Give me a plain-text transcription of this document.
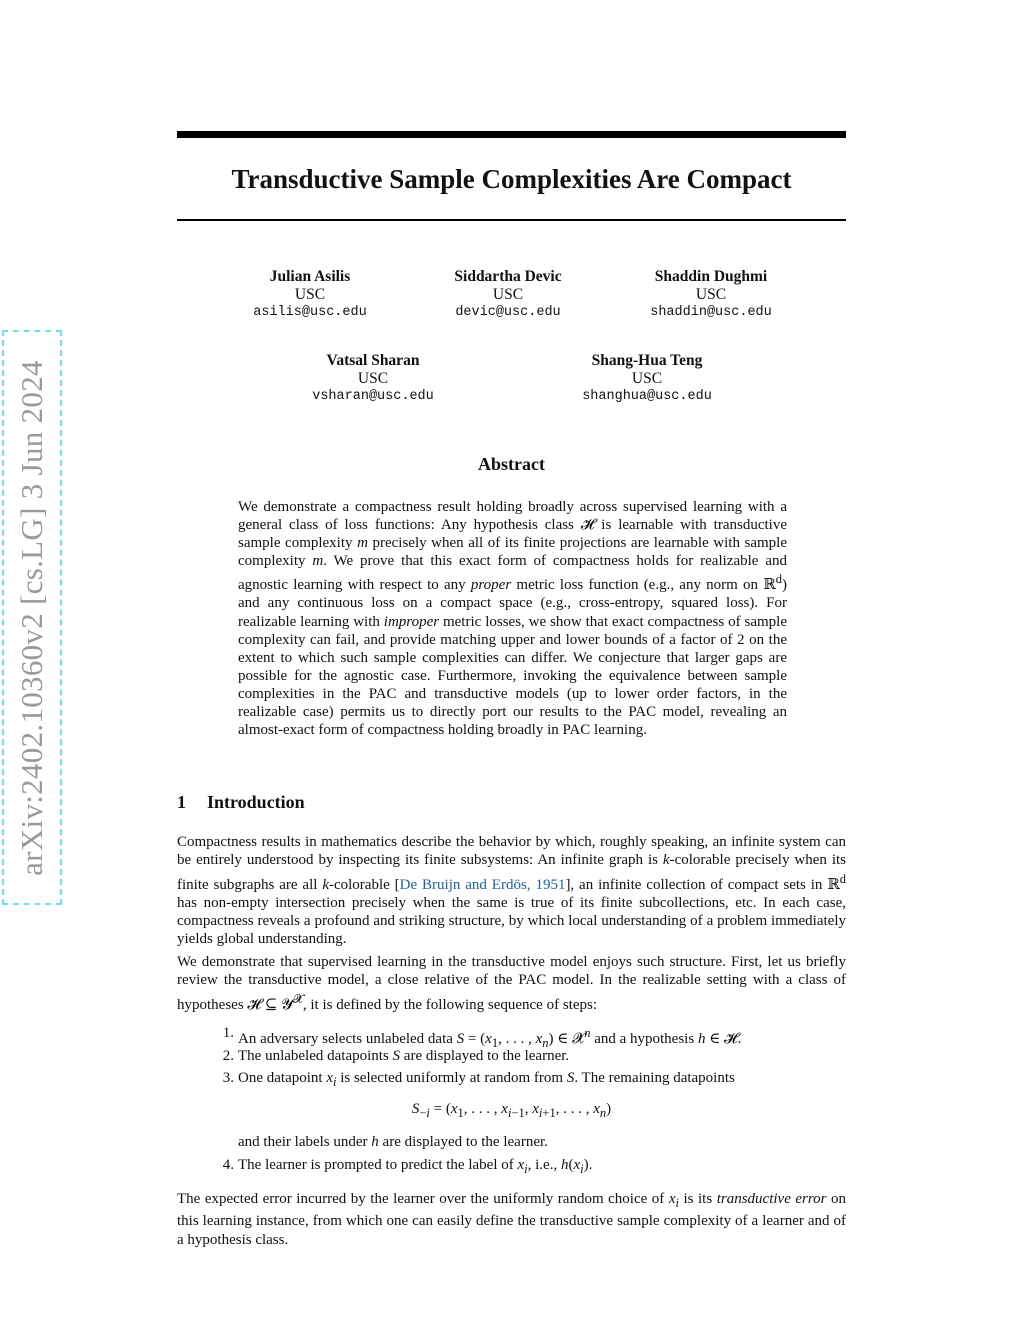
arXiv:2402.10360v2 [cs.LG] 3 Jun 2024
Transductive Sample Complexities Are Compact
Julian Asilis
USC
asilis@usc.edu
Siddartha Devic
USC
devic@usc.edu
Shaddin Dughmi
USC
shaddin@usc.edu
Vatsal Sharan
USC
vsharan@usc.edu
Shang-Hua Teng
USC
shanghua@usc.edu
Abstract

We demonstrate a compactness result holding broadly across supervised learning with a general class of loss functions: Any hypothesis class 𝓗 is learnable with transductive sample complexity m precisely when all of its finite projections are learnable with sample complexity m. We prove that this exact form of compactness holds for realizable and agnostic learning with respect to any proper metric loss function (e.g., any norm on ℝ$^d$) and any continuous loss on a compact space (e.g., cross-entropy, squared loss). For realizable learning with improper metric losses, we show that exact compactness of sample complexity can fail, and provide matching upper and lower bounds of a factor of 2 on the extent to which such sample complexities can differ. We conjecture that larger gaps are possible for the agnostic case. Furthermore, invoking the equivalence between sample complexities in the PAC and transductive models (up to lower order factors, in the realizable case) permits us to directly port our results to the PAC model, revealing an almost-exact form of compactness holding broadly in PAC learning.

1 Introduction

Compactness results in mathematics describe the behavior by which, roughly speaking, an infinite system can be entirely understood by inspecting its finite subsystems: An infinite graph is k-colorable precisely when its finite subgraphs are all k-colorable [De Bruijn and Erdös, 1951], an infinite collection of compact sets in ℝ$^d$ has non-empty intersection precisely when the same is true of its finite subcollections, etc. In each case, compactness reveals a profound and striking structure, by which local understanding of a problem immediately yields global understanding.

We demonstrate that supervised learning in the transductive model enjoys such structure. First, let us briefly review the transductive model, a close relative of the PAC model. In the realizable setting with a class of hypotheses 𝓗 ⊆ 𝓨$^𝓧$, it is defined by the following sequence of steps:

1. An adversary selects unlabeled data $S = (x_1$, . . . , $x_n$) ∈ 𝓧$^n$ and a hypothesis h ∈ 𝓗.
2. The unlabeled datapoints S are displayed to the learner.
3. One datapoint $x_i$ is selected uniformly at random from S. The remaining datapoints
$S_{-i} = (x_1$, . . . , $x_{i-1}$, $x_{i+1}$, . . . , $x_n$)
and their labels under h are displayed to the learner.
4. The learner is prompted to predict the label of $x_i$, i.e., $h(x_i)$.

The expected error incurred by the learner over the uniformly random choice of $x_i$ is its transductive error on this learning instance, from which one can easily define the transductive sample complexity of a learner and of a hypothesis class.
